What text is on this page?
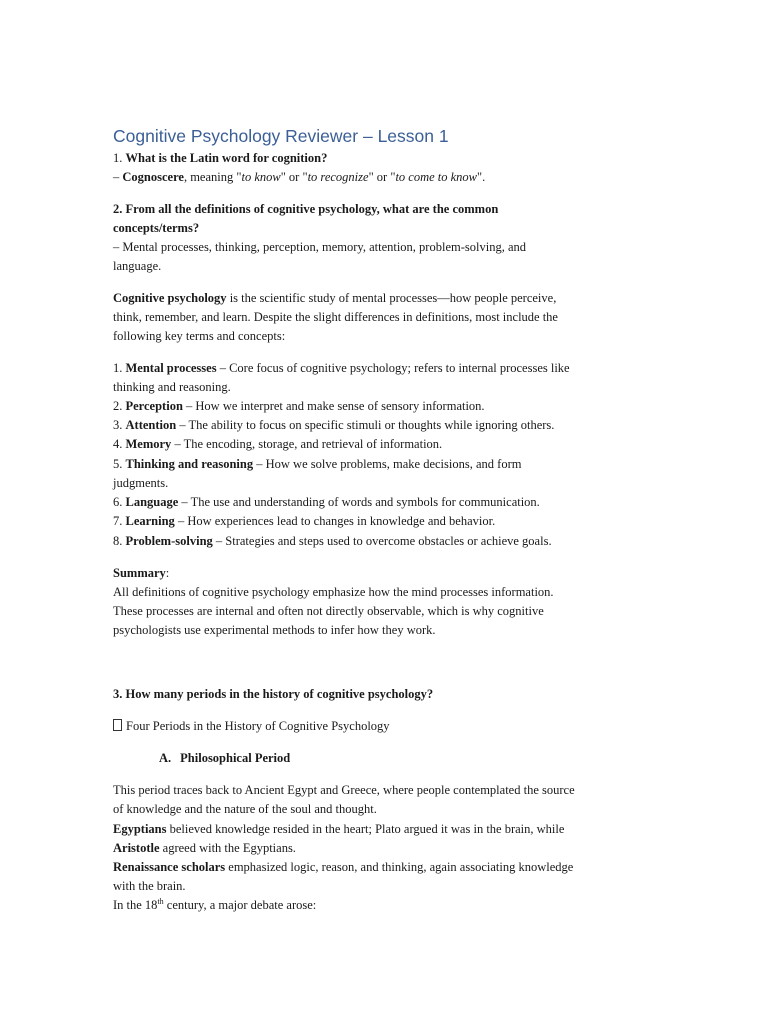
Cognitive Psychology Reviewer – Lesson 1
1. What is the Latin word for cognition?
– Cognoscere, meaning "to know" or "to recognize" or "to come to know".
2. From all the definitions of cognitive psychology, what are the common
concepts/terms?
– Mental processes, thinking, perception, memory, attention, problem-solving, and
language.
Cognitive psychology is the scientific study of mental processes—how people perceive,
think, remember, and learn. Despite the slight differences in definitions, most include the
following key terms and concepts:
1. Mental processes – Core focus of cognitive psychology; refers to internal processes like
thinking and reasoning.
2. Perception – How we interpret and make sense of sensory information.
3. Attention – The ability to focus on specific stimuli or thoughts while ignoring others.
4. Memory – The encoding, storage, and retrieval of information.
5. Thinking and reasoning – How we solve problems, make decisions, and form
judgments.
6. Language – The use and understanding of words and symbols for communication.
7. Learning – How experiences lead to changes in knowledge and behavior.
8. Problem-solving – Strategies and steps used to overcome obstacles or achieve goals.
Summary:
All definitions of cognitive psychology emphasize how the mind processes information.
These processes are internal and often not directly observable, which is why cognitive
psychologists use experimental methods to infer how they work.
3. How many periods in the history of cognitive psychology?
Four Periods in the History of Cognitive Psychology
A. Philosophical Period
This period traces back to Ancient Egypt and Greece, where people contemplated the source
of knowledge and the nature of the soul and thought.
Egyptians believed knowledge resided in the heart; Plato argued it was in the brain, while
Aristotle agreed with the Egyptians.
Renaissance scholars emphasized logic, reason, and thinking, again associating knowledge
with the brain.
In the 18th century, a major debate arose:
